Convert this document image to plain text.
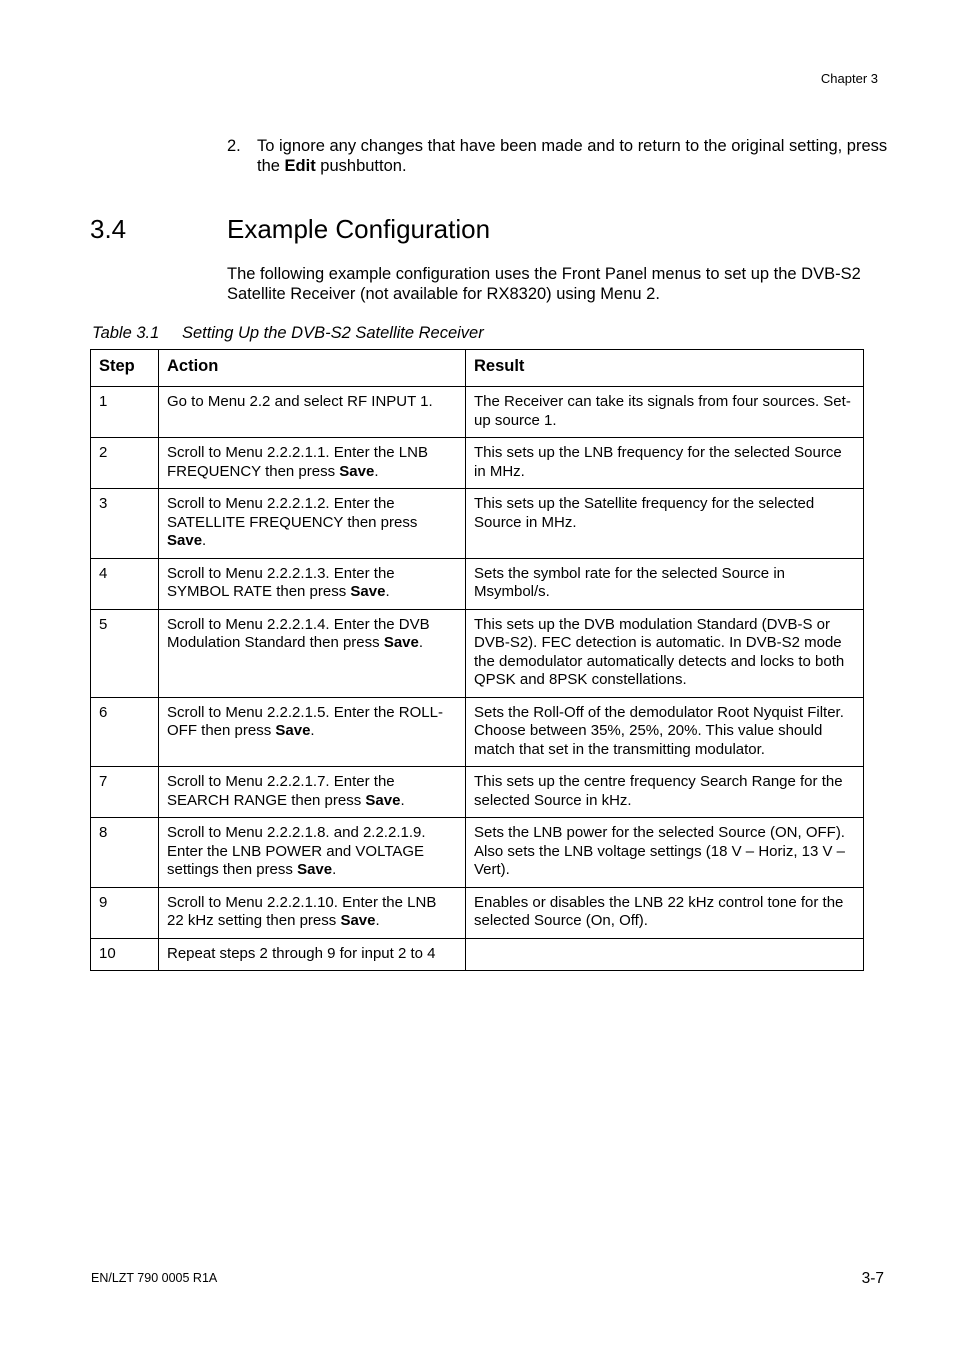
Chapter 3
2. To ignore any changes that have been made and to return to the original setting, press the Edit pushbutton.
3.4	Example Configuration
The following example configuration uses the Front Panel menus to set up the DVB-S2 Satellite Receiver (not available for RX8320) using Menu 2.
Table 3.1 Setting Up the DVB-S2 Satellite Receiver
Step	Action	Result
1	Go to Menu 2.2 and select RF INPUT 1.	The Receiver can take its signals from four sources. Set-up source 1.
2	Scroll to Menu 2.2.2.1.1. Enter the LNB FREQUENCY then press Save.	This sets up the LNB frequency for the selected Source in MHz.
3	Scroll to Menu 2.2.2.1.2. Enter the SATELLITE FREQUENCY then press Save.	This sets up the Satellite frequency for the selected Source in MHz.
4	Scroll to Menu 2.2.2.1.3. Enter the SYMBOL RATE then press Save.	Sets the symbol rate for the selected Source in Msymbol/s.
5	Scroll to Menu 2.2.2.1.4. Enter the DVB Modulation Standard then press Save.	This sets up the DVB modulation Standard (DVB-S or DVB-S2). FEC detection is automatic. In DVB-S2 mode the demodulator automatically detects and locks to both QPSK and 8PSK constellations.
6	Scroll to Menu 2.2.2.1.5. Enter the ROLL-OFF then press Save.	Sets the Roll-Off of the demodulator Root Nyquist Filter. Choose between 35%, 25%, 20%. This value should match that set in the transmitting modulator.
7	Scroll to Menu 2.2.2.1.7. Enter the SEARCH RANGE then press Save.	This sets up the centre frequency Search Range for the selected Source in kHz.
8	Scroll to Menu 2.2.2.1.8. and 2.2.2.1.9. Enter the LNB POWER and VOLTAGE settings then press Save.	Sets the LNB power for the selected Source (ON, OFF). Also sets the LNB voltage settings (18 V – Horiz, 13 V – Vert).
9	Scroll to Menu 2.2.2.1.10. Enter the LNB 22 kHz setting then press Save.	Enables or disables the LNB 22 kHz control tone for the selected Source (On, Off).
10	Repeat steps 2 through 9 for input 2 to 4	
EN/LZT 790 0005 R1A	3-7
